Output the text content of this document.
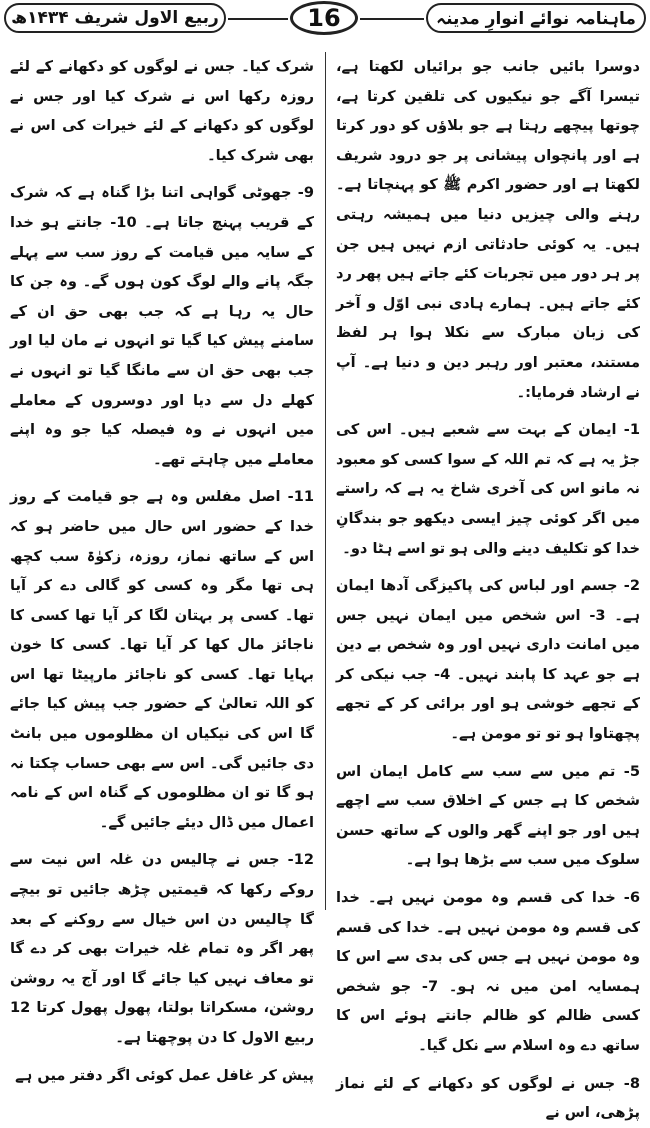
ربیع الاول شریف ۱۴۳۴ھ	16	ماہنامہ نوائے انوارِ مدینہ

دوسرا بائیں جانب جو برائیاں لکھتا ہے، تیسرا آگے جو نیکیوں کی تلقین کرتا ہے، چوتھا پیچھے رہتا ہے جو بلاؤں کو دور کرتا ہے اور پانچواں پیشانی پر جو درود شریف لکھتا ہے اور حضور اکرم ﷺ کو پہنچاتا ہے۔ رہنے والی چیزیں دنیا میں ہمیشہ رہتی ہیں۔ یہ کوئی حادثاتی ازم نہیں ہیں جن پر ہر دور میں تجربات کئے جاتے ہیں پھر رد کئے جاتے ہیں۔ ہمارے ہادی نبی اوّل و آخر کی زبان مبارک سے نکلا ہوا ہر لفظ مستند، معتبر اور رہبر دین و دنیا ہے۔ آپ نے ارشاد فرمایا:۔

1- ایمان کے بہت سے شعبے ہیں۔ اس کی جڑ یہ ہے کہ تم اللہ کے سوا کسی کو معبود نہ مانو اس کی آخری شاخ یہ ہے کہ راستے میں اگر کوئی چیز ایسی دیکھو جو بندگانِ خدا کو تکلیف دینے والی ہو تو اسے ہٹا دو۔

2- جسم اور لباس کی پاکیزگی آدھا ایمان ہے۔ 3- اس شخص میں ایمان نہیں جس میں امانت داری نہیں اور وہ شخص بے دین ہے جو عہد کا پابند نہیں۔ 4- جب نیکی کر کے تجھے خوشی ہو اور برائی کر کے تجھے پچھتاوا ہو تو تو مومن ہے۔

5- تم میں سے سب سے کامل ایمان اس شخص کا ہے جس کے اخلاق سب سے اچھے ہیں اور جو اپنے گھر والوں کے ساتھ حسن سلوک میں سب سے بڑھا ہوا ہے۔

6- خدا کی قسم وہ مومن نہیں ہے۔ خدا کی قسم وہ مومن نہیں ہے۔ خدا کی قسم وہ مومن نہیں ہے جس کی بدی سے اس کا ہمسایہ امن میں نہ ہو۔ 7- جو شخص کسی ظالم کو ظالم جانتے ہوئے اس کا ساتھ دے وہ اسلام سے نکل گیا۔

8- جس نے لوگوں کو دکھانے کے لئے نماز پڑھی، اس نے

شرک کیا۔ جس نے لوگوں کو دکھانے کے لئے روزہ رکھا اس نے شرک کیا اور جس نے لوگوں کو دکھانے کے لئے خیرات کی اس نے بھی شرک کیا۔

9- جھوٹی گواہی اتنا بڑا گناہ ہے کہ شرک کے قریب پہنچ جاتا ہے۔ 10- جانتے ہو خدا کے سایہ میں قیامت کے روز سب سے پہلے جگہ پانے والے لوگ کون ہوں گے۔ وہ جن کا حال یہ رہا ہے کہ جب بھی حق ان کے سامنے پیش کیا گیا تو انہوں نے مان لیا اور جب بھی حق ان سے مانگا گیا تو انہوں نے کھلے دل سے دیا اور دوسروں کے معاملے میں انہوں نے وہ فیصلہ کیا جو وہ اپنے معاملے میں چاہتے تھے۔

11- اصل مفلس وہ ہے جو قیامت کے روز خدا کے حضور اس حال میں حاضر ہو کہ اس کے ساتھ نماز، روزہ، زکوٰۃ سب کچھ ہی تھا مگر وہ کسی کو گالی دے کر آیا تھا۔ کسی پر بہتان لگا کر آیا تھا کسی کا ناجائز مال کھا کر آیا تھا۔ کسی کا خون بہایا تھا۔ کسی کو ناجائز مارپیٹا تھا اس کو اللہ تعالیٰ کے حضور جب پیش کیا جائے گا اس کی نیکیاں ان مظلوموں میں بانٹ دی جائیں گی۔ اس سے بھی حساب چکتا نہ ہو گا تو ان مظلوموں کے گناہ اس کے نامہ اعمال میں ڈال دیئے جائیں گے۔

12- جس نے چالیس دن غلہ اس نیت سے روکے رکھا کہ قیمتیں چڑھ جائیں تو بیچے گا چالیس دن اس خیال سے روکنے کے بعد پھر اگر وہ تمام غلہ خیرات بھی کر دے گا تو معاف نہیں کیا جائے گا اور آج یہ روشن روشن، مسکراتا بولتا، پھول پھول کرتا 12 ربیع الاول کا دن پوچھتا ہے۔

پیش کر غافل عمل کوئی اگر دفتر میں ہے
